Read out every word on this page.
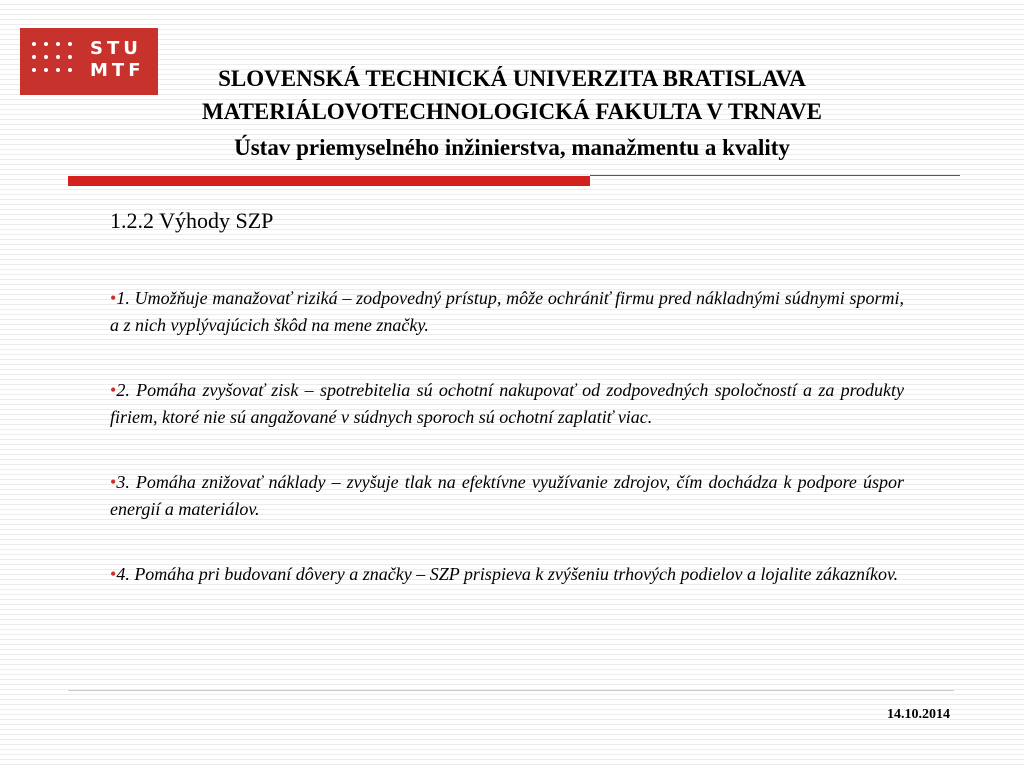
STU
MTF	SLOVENSKÁ TECHNICKÁ UNIVERZITA BRATISLAVA
MATERIÁLOVOTECHNOLOGICKÁ FAKULTA V TRNAVE
Ústav priemyselného inžinierstva, manažmentu a kvality
1.2.2 Výhody SZP

•1. Umožňuje manažovať riziká – zodpovedný prístup, môže ochrániť firmu pred nákladnými súdnymi spormi, a z nich vyplývajúcich škôd na mene značky.

•2. Pomáha zvyšovať zisk – spotrebitelia sú ochotní nakupovať od zodpovedných spoločností a za produkty firiem, ktoré nie sú angažované v súdnych sporoch sú ochotní zaplatiť viac.

•3. Pomáha znižovať náklady – zvyšuje tlak na efektívne využívanie zdrojov, čím dochádza k podpore úspor energií a materiálov.

•4. Pomáha pri budovaní dôvery a značky – SZP prispieva k zvýšeniu trhových podielov a lojalite zákazníkov.

14.10.2014
